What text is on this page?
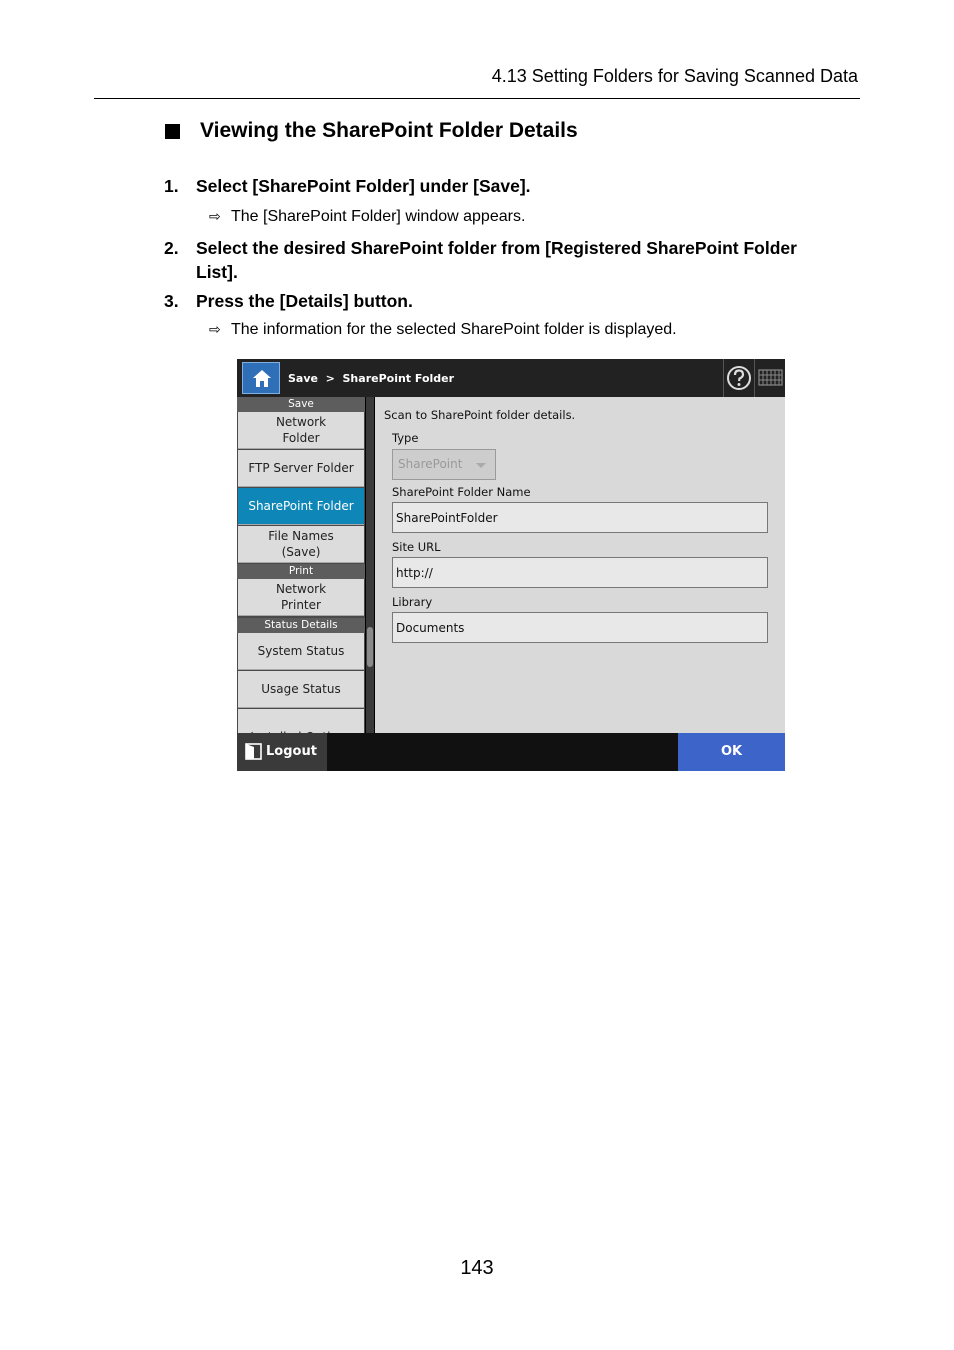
4.13 Setting Folders for Saving Scanned Data
Viewing the SharePoint Folder Details
1. Select [SharePoint Folder] under [Save].
⇨ The [SharePoint Folder] window appears.
2. Select the desired SharePoint folder from [Registered SharePoint Folder
List].
3. Press the [Details] button.
⇨ The information for the selected SharePoint folder is displayed.
Save  >  SharePoint Folder
Save
Network
Folder
FTP Server Folder
SharePoint Folder
File Names
(Save)
Print
Network
Printer
Status Details
System Status
Usage Status
Scan to SharePoint folder details.
Type
SharePoint
SharePoint Folder Name
SharePointFolder
Site URL
http://
Library
Documents
Logout	OK
143
